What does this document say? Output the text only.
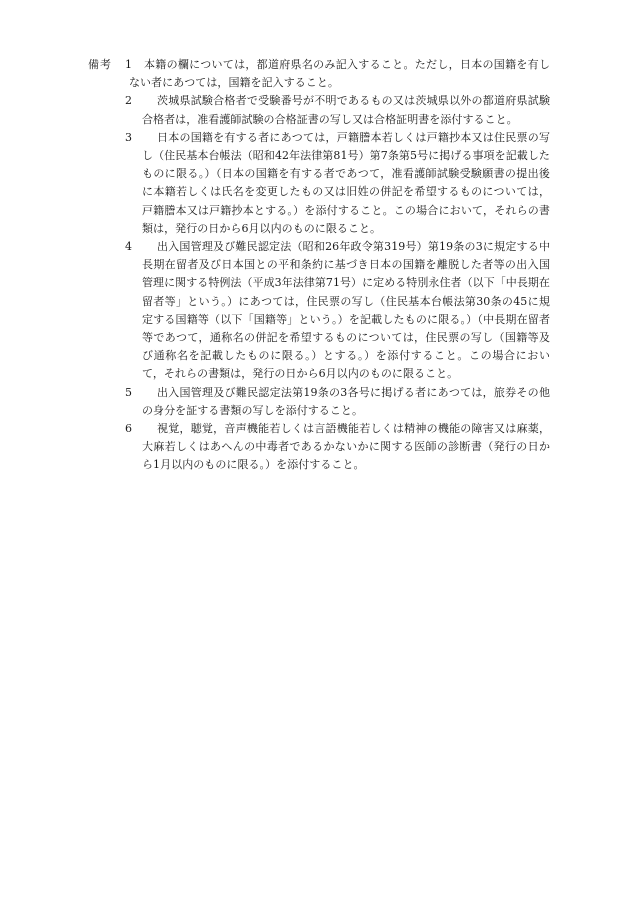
備考 1	本籍の欄については，都道府県名のみ記入すること。ただし，日本の国籍を有しない者にあつては，国籍を記入すること。
2	茨城県試験合格者で受験番号が不明であるもの又は茨城県以外の都道府県試験合格者は，准看護師試験の合格証書の写し又は合格証明書を添付すること。
3	日本の国籍を有する者にあつては，戸籍謄本若しくは戸籍抄本又は住民票の写し（住民基本台帳法（昭和42年法律第81号）第7条第5号に掲げる事項を記載したものに限る。）（日本の国籍を有する者であつて，准看護師試験受験願書の提出後に本籍若しくは氏名を変更したもの又は旧姓の併記を希望するものについては，戸籍謄本又は戸籍抄本とする。）を添付すること。この場合において，それらの書類は，発行の日から6月以内のものに限ること。
4	出入国管理及び難民認定法（昭和26年政令第319号）第19条の3に規定する中長期在留者及び日本国との平和条約に基づき日本の国籍を離脱した者等の出入国管理に関する特例法（平成3年法律第71号）に定める特別永住者（以下「中長期在留者等」という。）にあつては，住民票の写し（住民基本台帳法第30条の45に規定する国籍等（以下「国籍等」という。）を記載したものに限る。）（中長期在留者等であつて，通称名の併記を希望するものについては，住民票の写し（国籍等及び通称名を記載したものに限る。）とする。）を添付すること。この場合において，それらの書類は，発行の日から6月以内のものに限ること。
5	出入国管理及び難民認定法第19条の3各号に掲げる者にあつては，旅券その他の身分を証する書類の写しを添付すること。
6	視覚，聴覚，音声機能若しくは言語機能若しくは精神の機能の障害又は麻薬，大麻若しくはあへんの中毒者であるかないかに関する医師の診断書（発行の日から1月以内のものに限る。）を添付すること。
